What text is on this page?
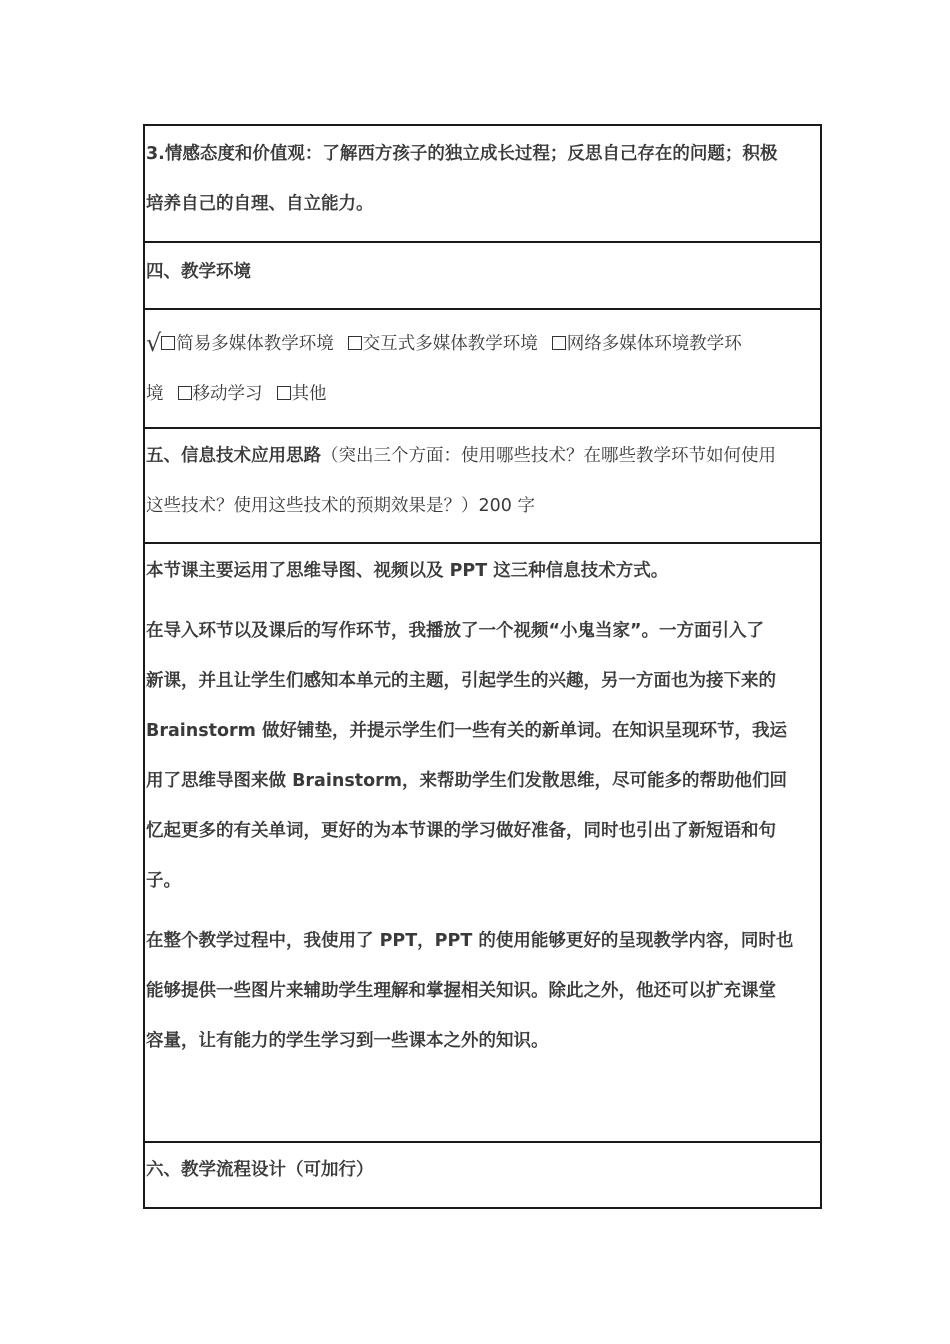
3.情感态度和价值观：了解西方孩子的独立成长过程；反思自己存在的问题；积极
培养自己的自理、自立能力。
四、教学环境
√ 简易多媒体教学环境 交互式多媒体教学环境 网络多媒体环境教学环
境 移动学习 其他
五、信息技术应用思路（突出三个方面：使用哪些技术？在哪些教学环节如何使用
这些技术？使用这些技术的预期效果是？）200 字
本节课主要运用了思维导图、视频以及 PPT 这三种信息技术方式。
在导入环节以及课后的写作环节，我播放了一个视频“小鬼当家”。一方面引入了
新课，并且让学生们感知本单元的主题，引起学生的兴趣，另一方面也为接下来的
Brainstorm 做好铺垫，并提示学生们一些有关的新单词。在知识呈现环节，我运
用了思维导图来做 Brainstorm，来帮助学生们发散思维，尽可能多的帮助他们回
忆起更多的有关单词，更好的为本节课的学习做好准备，同时也引出了新短语和句
子。
在整个教学过程中，我使用了 PPT，PPT 的使用能够更好的呈现教学内容，同时也
能够提供一些图片来辅助学生理解和掌握相关知识。除此之外，他还可以扩充课堂
容量，让有能力的学生学习到一些课本之外的知识。
六、教学流程设计（可加行）
